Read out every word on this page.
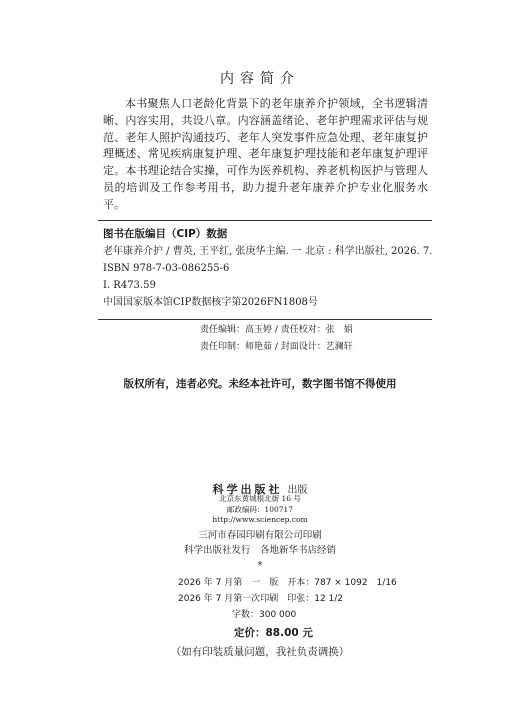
内容简介
本书聚焦人口老龄化背景下的老年康养介护领域，全书逻辑清晰、内容实用，共设八章。内容涵盖绪论、老年护理需求评估与规范、老年人照护沟通技巧、老年人突发事件应急处理、老年康复护理概述、常见疾病康复护理、老年康复护理技能和老年康复护理评定。本书理论结合实操，可作为医养机构、养老机构医护与管理人员的培训及工作参考用书，助力提升老年康养介护专业化服务水平。
图书在版编目（CIP）数据
老年康养介护 / 曹英, 王平红, 张庚华主编. 一 北京 : 科学出版社, 2026. 7.
ISBN 978-7-03-086255-6
Ⅰ. R473.59
中国国家版本馆CIP数据核字第2026FN1808号
责任编辑：高玉婷 / 责任校对：张　娟
责任印制：师艳茹 / 封面设计：艺澜轩
版权所有，违者必究。未经本社许可，数字图书馆不得使用
科学出版社 出版
北京东黄城根北街 16 号
邮政编码：100717
http://www.sciencep.com
三河市春园印刷有限公司印刷
科学出版社发行　各地新华书店经销
*
2026 年 7 月第　一　版　开本：787 × 1092　1/16
2026 年 7 月第一次印刷　印张：12 1/2
字数：300 000
定价：88.00 元
（如有印装质量问题，我社负责调换）
